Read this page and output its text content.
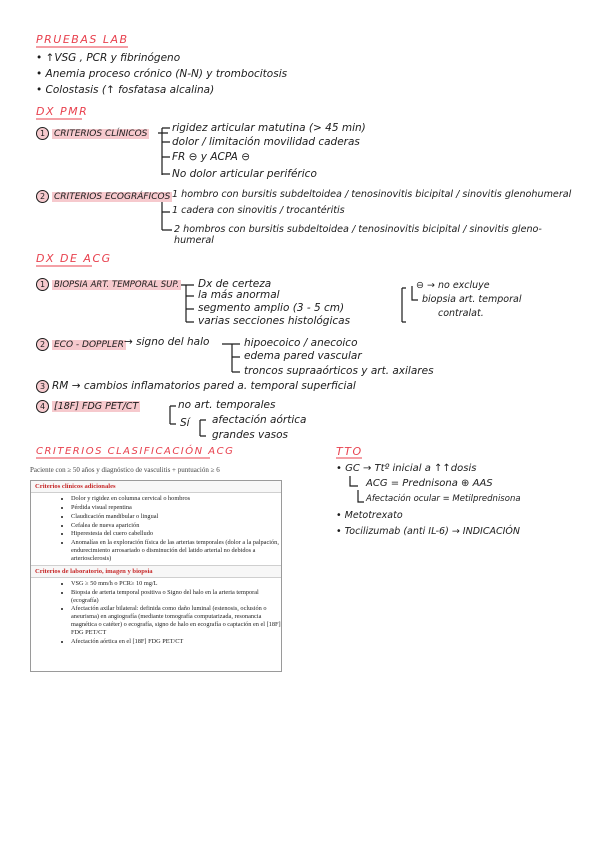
PRUEBAS LAB
• ↑VSG , PCR y fibrinógeno
• Anemia proceso crónico (N-N) y trombocitosis
• Colostasis (↑ fosfatasa alcalina)
DX PMR
1 CRITERIOS CLÍNICOS rigidez articular matutina (> 45 min)
dolor / limitación movilidad caderas
FR ⊖ y ACPA ⊖
No dolor articular periférico
2 CRITERIOS ECOGRÁFICOS 1 hombro con bursitis subdeltoidea / tenosinovitis bicipital / sinovitis glenohumeral
1 cadera con sinovitis / trocantéritis
2 hombros con bursitis subdeltoidea / tenosinovitis bicipital / sinovitis gleno-humeral
DX DE ACG
1 BIOPSIA ART. TEMPORAL SUP. Dx de certeza
la más anormal
segmento amplio (3 - 5 cm)
varias secciones histológicas
⊖ → no excluye
biopsia art. temporal
contralat.
2 ECO - DOPPLER → signo del halo	hipoecoico / anecoico
edema pared vascular
troncos supraaórticos y art. axilares
3 RM → cambios inflamatorios pared a. temporal superficial
4 [18F] FDG PET/CT	no art. temporales
Sí afectación aórtica
grandes vasos
CRITERIOS CLASIFICACIÓN ACG
Paciente con ≥ 50 años y diagnóstico de vasculitis + puntuación ≥ 6
Criterios clínicos adicionales
• Dolor y rigidez en columna cervical o hombros
• Pérdida visual repentina
• Claudicación mandibular o lingual
• Cefalea de nueva aparición
• Hiperestesia del cuero cabelludo
• Anomalías en la exploración física de las arterias temporales (dolor a la palpación, endurecimiento arrosariado o disminución del latido arterial no debidos a arteriosclerosis)
Criterios de laboratorio, imagen y biopsia
• VSG ≥ 50 mm/h o PCR≥ 10 mg/L
• Biopsia de arteria temporal positiva o Signo del halo en la arteria temporal (ecografía)
• Afectación axilar bilateral: definida como daño luminal (estenosis, oclusión o aneurisma) en angiografía (mediante tomografía computarizada, resonancia magnética o catéter) o ecografía, signo de halo en ecografía o captación en el [18F] FDG PET/CT
• Afectación aórtica en el [18F] FDG PET/CT
TTO
• GC → Ttº inicial a ↑↑dosis
ACG = Prednisona ⊕ AAS
Afectación ocular = Metilprednisona
• Metotrexato
• Tocilizumab (anti IL-6) → INDICACIÓN
